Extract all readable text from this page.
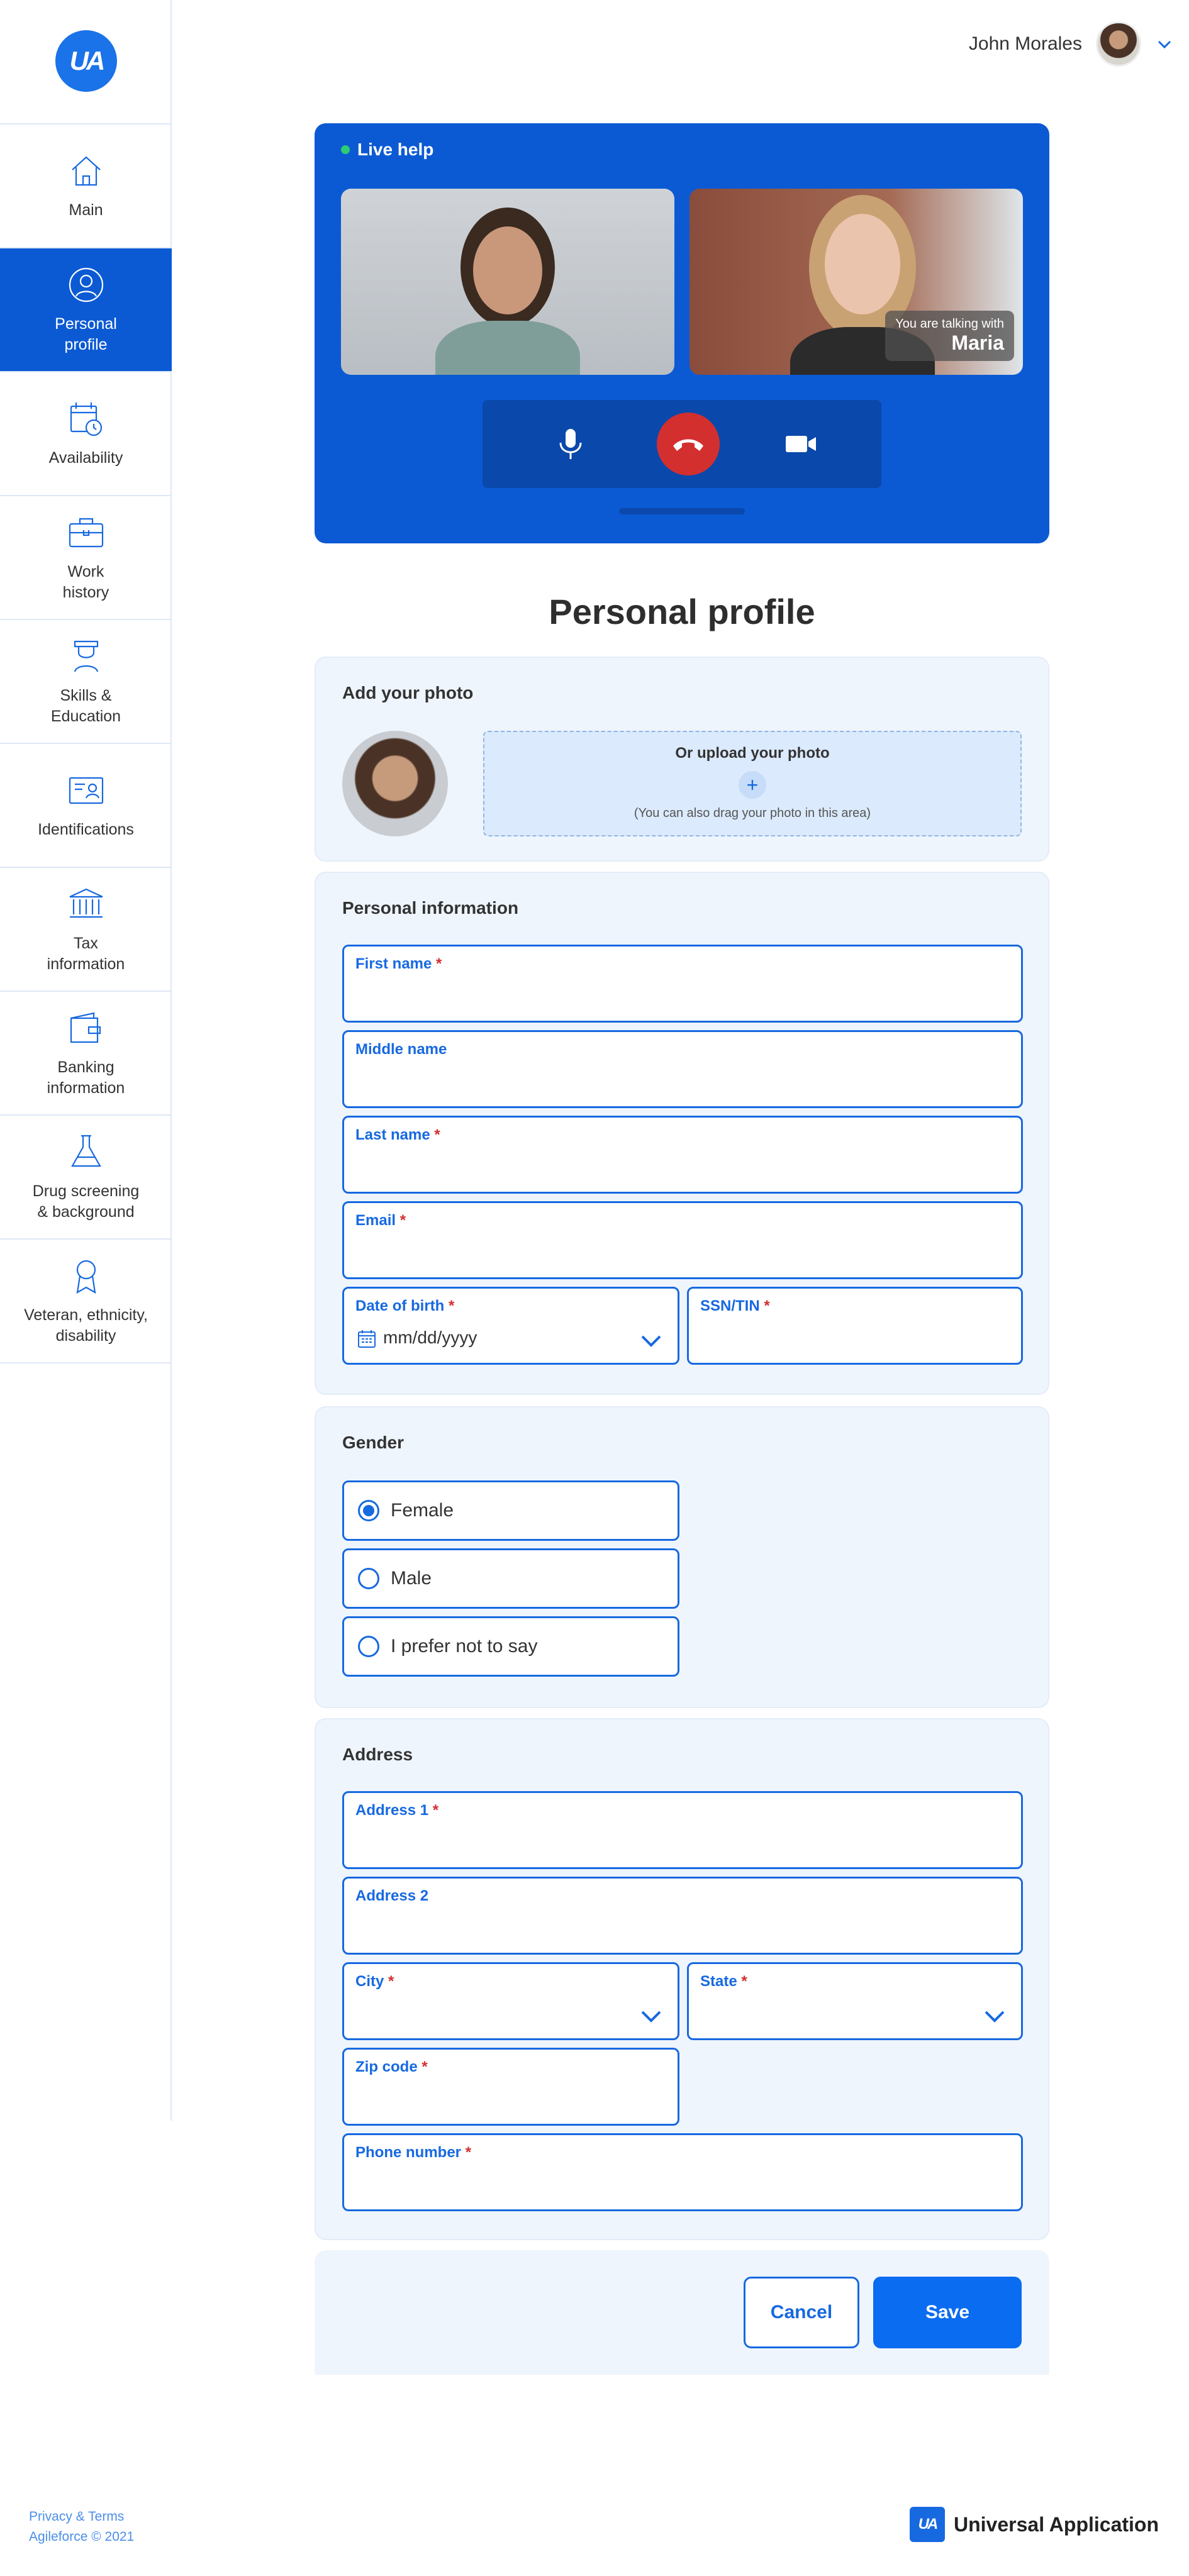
UA
Main
Personal
profile
Availability
Work
history
Skills &
Education
Identifications
Tax
information
Banking
information
Drug screening
& background
Veteran, ethnicity,
disability
John Morales
Live help
You are talking with
Maria
Personal profile
Add your photo
Or upload your photo
+
(You can also drag your photo in this area)
Personal information
First name *
Middle name
Last name *
Email *
Date of birth *
mm/dd/yyyy
SSN/TIN *
Gender
Female
Male
I prefer not to say
Address
Address 1 *
Address 2
City *	State *
Zip code *
Phone number *
Cancel	Save
Privacy & Terms
Agileforce © 2021
UA Universal Application
